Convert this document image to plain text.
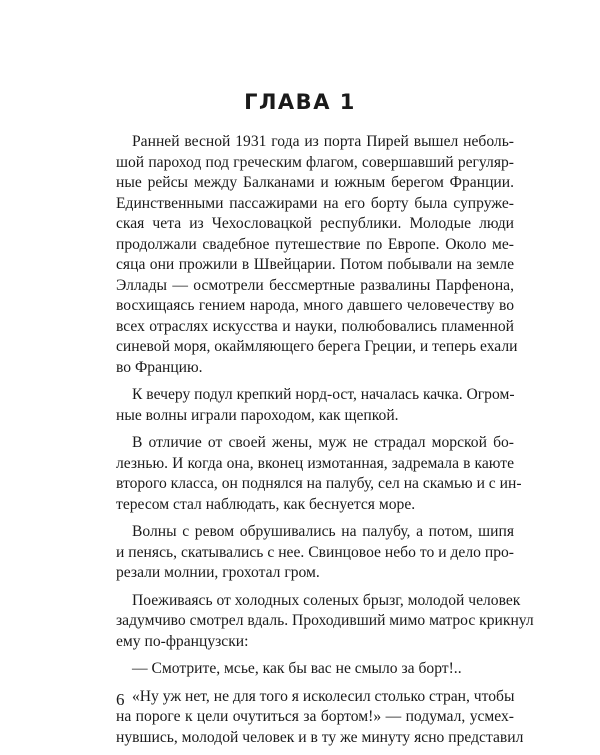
ГЛАВА 1
Ранней весной 1931 года из порта Пирей вышел неболь-
шой пароход под греческим флагом, совершавший регуляр-
ные рейсы между Балканами и южным берегом Франции.
Единственными пассажирами на его борту была супруже-
ская чета из Чехословацкой республики. Молодые люди
продолжали свадебное путешествие по Европе. Около ме-
сяца они прожили в Швейцарии. Потом побывали на земле
Эллады — осмотрели бессмертные развалины Парфенона,
восхищаясь гением народа, много давшего человечеству во
всех отраслях искусства и науки, полюбовались пламенной
синевой моря, окаймляющего берега Греции, и теперь ехали
во Францию.
К вечеру подул крепкий норд-ост, началась качка. Огром-
ные волны играли пароходом, как щепкой.
В отличие от своей жены, муж не страдал морской бо-
лезнью. И когда она, вконец измотанная, задремала в каюте
второго класса, он поднялся на палубу, сел на скамью и с ин-
тересом стал наблюдать, как беснуется море.
Волны с ревом обрушивались на палубу, а потом, шипя
и пенясь, скатывались с нее. Свинцовое небо то и дело про-
резали молнии, грохотал гром.
Поеживаясь от холодных соленых брызг, молодой человек
задумчиво смотрел вдаль. Проходивший мимо матрос крикнул
ему по-французски:
— Смотрите, мсье, как бы вас не смыло за борт!..
«Ну уж нет, не для того я исколесил столько стран, чтобы
на пороге к цели очутиться за бортом!» — подумал, усмех-
нувшись, молодой человек и в ту же минуту ясно представил
6
